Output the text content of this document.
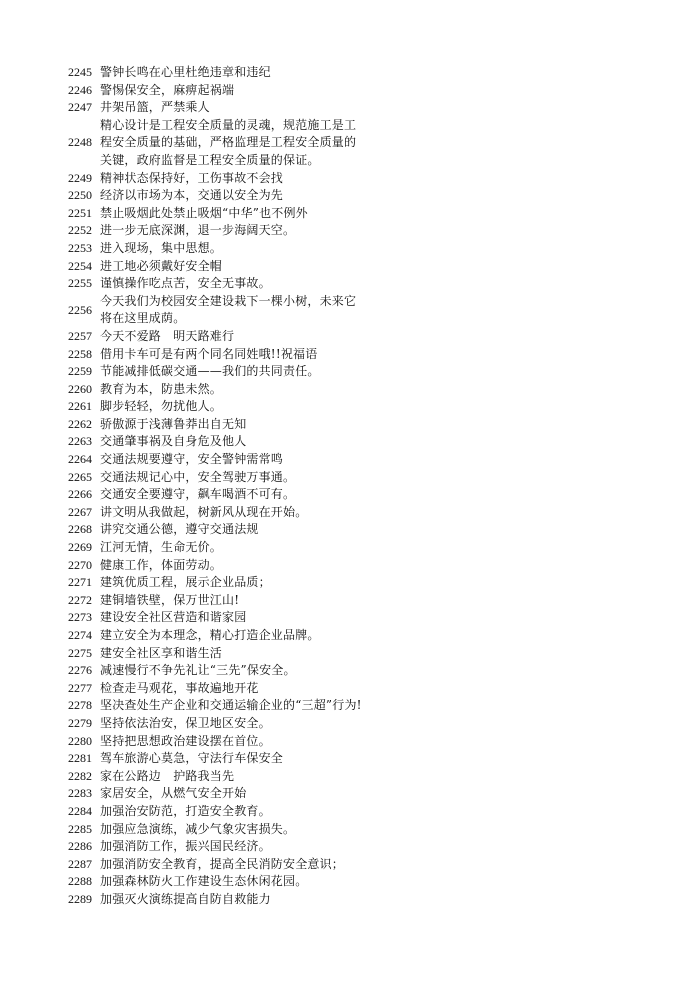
2245	警钟长鸣在心里杜绝违章和违纪
2246	警惕保安全，麻痹起祸端
2247	井架吊篮，严禁乘人
2248	精心设计是工程安全质量的灵魂，规范施工是工程安全质量的基础，严格监理是工程安全质量的关键，政府监督是工程安全质量的保证。
2249	精神状态保持好，工伤事故不会找
2250	经济以市场为本，交通以安全为先
2251	禁止吸烟此处禁止吸烟“中华”也不例外
2252	进一步无底深渊，退一步海阔天空。
2253	进入现场，集中思想。
2254	进工地必须戴好安全帽
2255	谨慎操作吃点苦，安全无事故。
2256	今天我们为校园安全建设栽下一棵小树，未来它将在这里成荫。
2257	今天不爱路　明天路难行
2258	借用卡车可是有两个同名同姓哦!!祝福语
2259	节能减排低碳交通——我们的共同责任。
2260	教育为本，防患未然。
2261	脚步轻轻，勿扰他人。
2262	骄傲源于浅薄鲁莽出自无知
2263	交通肇事祸及自身危及他人
2264	交通法规要遵守，安全警钟需常鸣
2265	交通法规记心中，安全驾驶万事通。
2266	交通安全要遵守，飙车喝酒不可有。
2267	讲文明从我做起，树新风从现在开始。
2268	讲究交通公德，遵守交通法规
2269	江河无情，生命无价。
2270	健康工作，体面劳动。
2271	建筑优质工程，展示企业品质；
2272	建铜墙铁壁，保万世江山!
2273	建设安全社区营造和谐家园
2274	建立安全为本理念，精心打造企业品牌。
2275	建安全社区享和谐生活
2276	减速慢行不争先礼让“三先”保安全。
2277	检查走马观花，事故遍地开花
2278	坚决查处生产企业和交通运输企业的“三超”行为!
2279	坚持依法治安，保卫地区安全。
2280	坚持把思想政治建设摆在首位。
2281	驾车旅游心莫急，守法行车保安全
2282	家在公路边　护路我当先
2283	家居安全，从燃气安全开始
2284	加强治安防范，打造安全教育。
2285	加强应急演练，减少气象灾害损失。
2286	加强消防工作，振兴国民经济。
2287	加强消防安全教育，提高全民消防安全意识；
2288	加强森林防火工作建设生态休闲花园。
2289	加强灭火演练提高自防自救能力
